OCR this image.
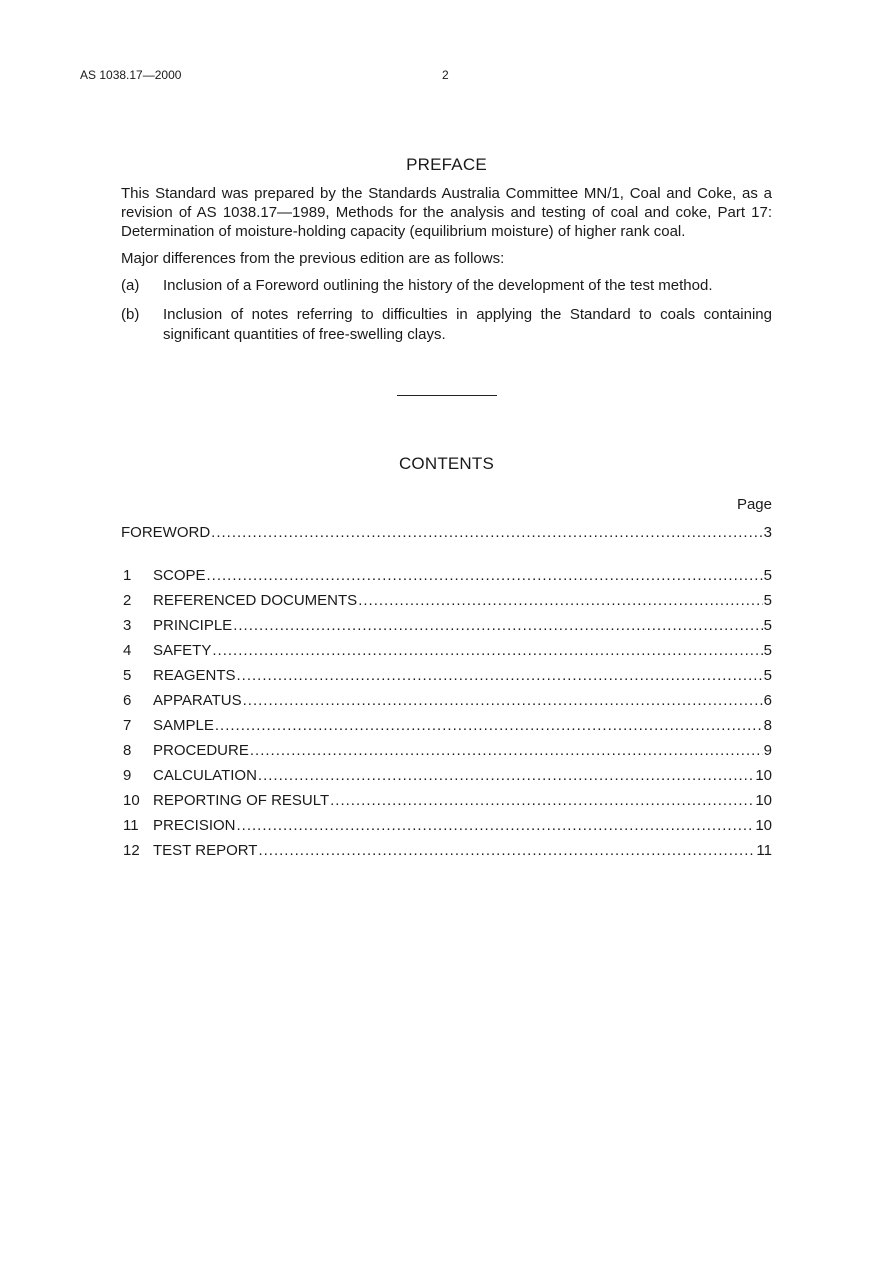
AS 1038.17—2000	2
PREFACE

This Standard was prepared by the Standards Australia Committee MN/1, Coal and Coke, as a revision of AS 1038.17—1989, Methods for the analysis and testing of coal and coke, Part 17: Determination of moisture-holding capacity (equilibrium moisture) of higher rank coal.

Major differences from the previous edition are as follows:

(a)	Inclusion of a Foreword outlining the history of the development of the test method.
(b)	Inclusion of notes referring to difficulties in applying the Standard to coals containing significant quantities of free-swelling clays.
CONTENTS
Page
FOREWORD .....	3
1	SCOPE .....	5
2	REFERENCED DOCUMENTS .....	5
3	PRINCIPLE .....	5
4	SAFETY .....	5
5	REAGENTS .....	5
6	APPARATUS .....	6
7	SAMPLE .....	8
8	PROCEDURE .....	9
9	CALCULATION .....	10
10 REPORTING OF RESULT .....	10
11 PRECISION .....	10
12 TEST REPORT .....	11
